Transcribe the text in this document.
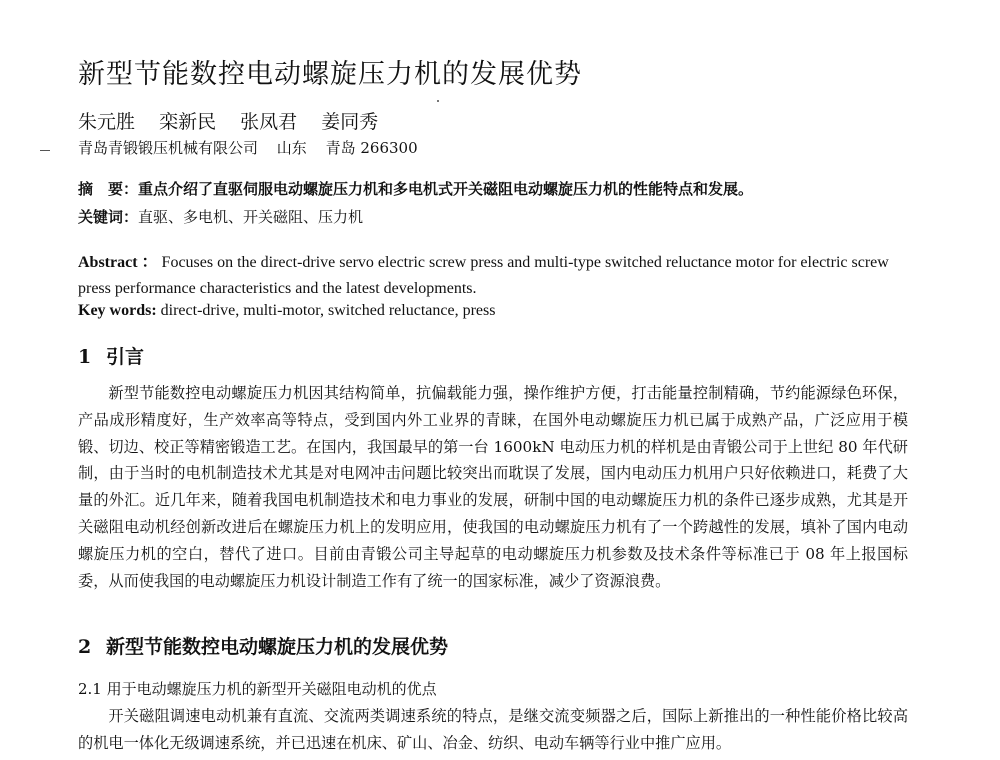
新型节能数控电动螺旋压力机的发展优势
朱元胜 栾新民 张凤君 姜同秀
青岛青锻锻压机械有限公司 山东 青岛 266300
摘　要：重点介绍了直驱伺服电动螺旋压力机和多电机式开关磁阻电动螺旋压力机的性能特点和发展。
关键词：直驱、多电机、开关磁阻、压力机

Abstract ： Focuses on the direct-drive servo electric screw press and multi-type switched reluctance motor for electric screw press performance characteristics and the latest developments.

Key words: direct-drive, multi-motor, switched reluctance, press
1 引言

新型节能数控电动螺旋压力机因其结构简单，抗偏载能力强，操作维护方便，打击能量控制精确，节约能源绿色环保，产品成形精度好，生产效率高等特点，受到国内外工业界的青睐，在国外电动螺旋压力机已属于成熟产品，广泛应用于模锻、切边、校正等精密锻造工艺。在国内，我国最早的第一台 1600kN 电动压力机的样机是由青锻公司于上世纪 80 年代研制，由于当时的电机制造技术尤其是对电网冲击问题比较突出而耽误了发展，国内电动压力机用户只好依赖进口，耗费了大量的外汇。近几年来，随着我国电机制造技术和电力事业的发展，研制中国的电动螺旋压力机的条件已逐步成熟，尤其是开关磁阻电动机经创新改进后在螺旋压力机上的发明应用，使我国的电动螺旋压力机有了一个跨越性的发展，填补了国内电动螺旋压力机的空白，替代了进口。目前由青锻公司主导起草的电动螺旋压力机参数及技术条件等标准已于 08 年上报国标委，从而使我国的电动螺旋压力机设计制造工作有了统一的国家标准，减少了资源浪费。

2 新型节能数控电动螺旋压力机的发展优势
2.1 用于电动螺旋压力机的新型开关磁阻电动机的优点

开关磁阻调速电动机兼有直流、交流两类调速系统的特点，是继交流变频器之后，国际上新推出的一种性能价格比较高的机电一体化无级调速系统，并已迅速在机床、矿山、冶金、纺织、电动车辆等行业中推广应用。
